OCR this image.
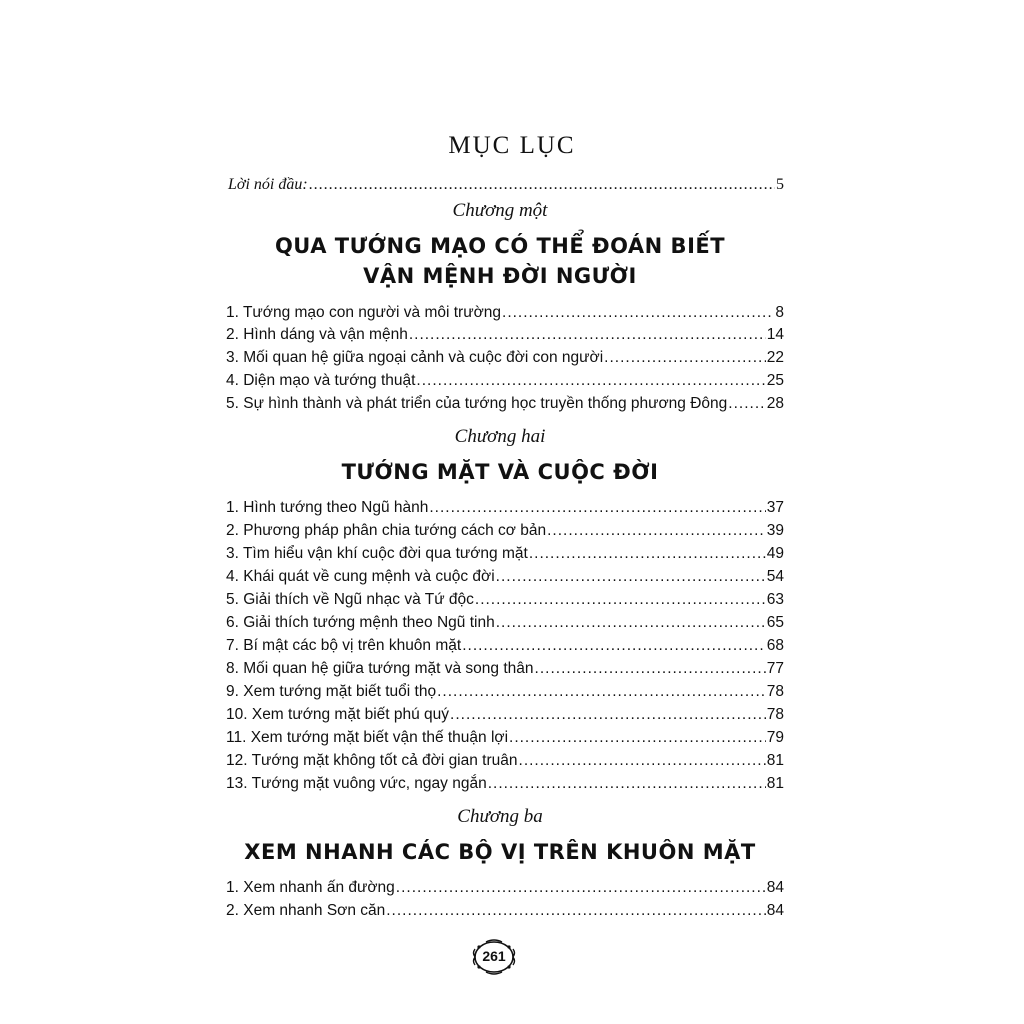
MỤC LỤC
Lời nói đầu: .....	5
Chương một
QUA TƯỚNG MẠO CÓ THỂ ĐOÁN BIẾT
VẬN MỆNH ĐỜI NGƯỜI
1. Tướng mạo con người và môi trường .....	8
2. Hình dáng và vận mệnh .....	14
3. Mối quan hệ giữa ngoại cảnh và cuộc đời con người .....	22
4. Diện mạo và tướng thuật .....	25
5. Sự hình thành và phát triển của tướng học truyền thống phương Đông .....	28
Chương hai
TƯỚNG MẶT VÀ CUỘC ĐỜI
1. Hình tướng theo Ngũ hành .....	37
2. Phương pháp phân chia tướng cách cơ bản .....	39
3. Tìm hiểu vận khí cuộc đời qua tướng mặt .....	49
4. Khái quát về cung mệnh và cuộc đời .....	54
5. Giải thích về Ngũ nhạc và Tứ độc .....	63
6. Giải thích tướng mệnh theo Ngũ tinh .....	65
7. Bí mật các bộ vị trên khuôn mặt .....	68
8. Mối quan hệ giữa tướng mặt và song thân .....	77
9. Xem tướng mặt biết tuổi thọ .....	78
10. Xem tướng mặt biết phú quý .....	78
11. Xem tướng mặt biết vận thế thuận lợi .....	79
12. Tướng mặt không tốt cả đời gian truân .....	81
13. Tướng mặt vuông vức, ngay ngắn .....	81
Chương ba
XEM NHANH CÁC BỘ VỊ TRÊN KHUÔN MẶT
1. Xem nhanh ấn đường .....	84
2. Xem nhanh Sơn căn .....	84
261
